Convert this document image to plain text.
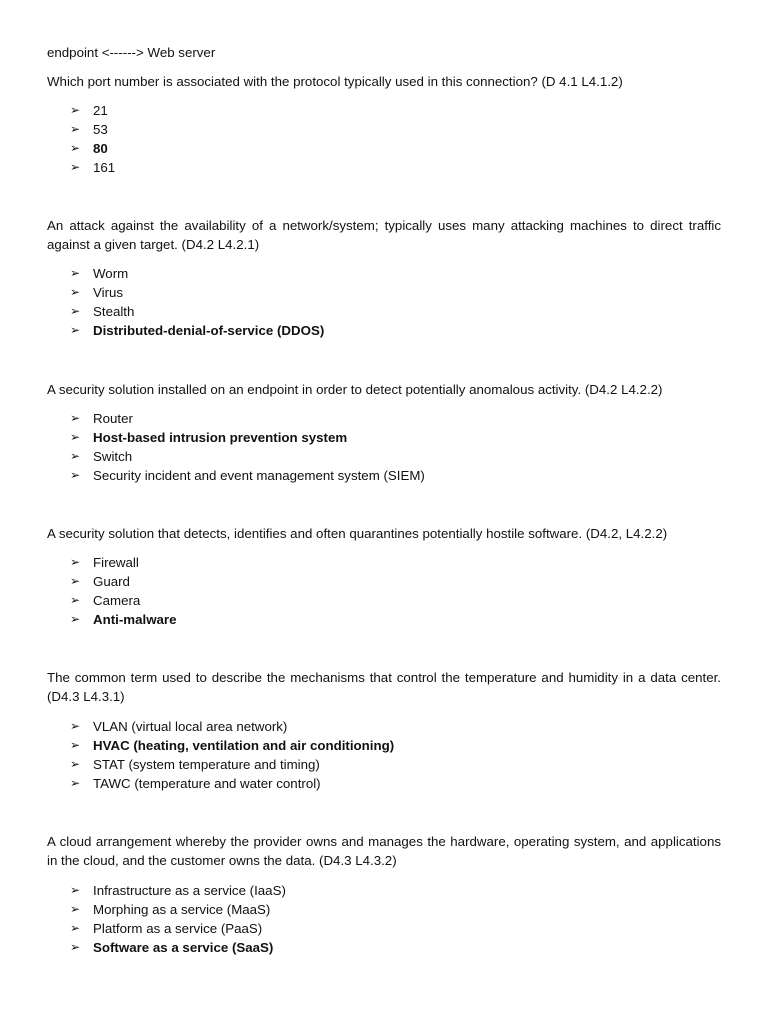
endpoint <------> Web server
Which port number is associated with the protocol typically used in this connection? (D 4.1 L4.1.2)
➢ 21
➢ 53
➢ 80
➢ 161
An attack against the availability of a network/system; typically uses many attacking machines to direct traffic against a given target. (D4.2 L4.2.1)
➢ Worm
➢ Virus
➢ Stealth
➢ Distributed-denial-of-service (DDOS)
A security solution installed on an endpoint in order to detect potentially anomalous activity. (D4.2 L4.2.2)
➢ Router
➢ Host-based intrusion prevention system
➢ Switch
➢ Security incident and event management system (SIEM)
A security solution that detects, identifies and often quarantines potentially hostile software. (D4.2, L4.2.2)
➢ Firewall
➢ Guard
➢ Camera
➢ Anti-malware
The common term used to describe the mechanisms that control the temperature and humidity in a data center. (D4.3 L4.3.1)
➢ VLAN (virtual local area network)
➢ HVAC (heating, ventilation and air conditioning)
➢ STAT (system temperature and timing)
➢ TAWC (temperature and water control)
A cloud arrangement whereby the provider owns and manages the hardware, operating system, and applications in the cloud, and the customer owns the data. (D4.3 L4.3.2)
➢ Infrastructure as a service (IaaS)
➢ Morphing as a service (MaaS)
➢ Platform as a service (PaaS)
➢ Software as a service (SaaS)
